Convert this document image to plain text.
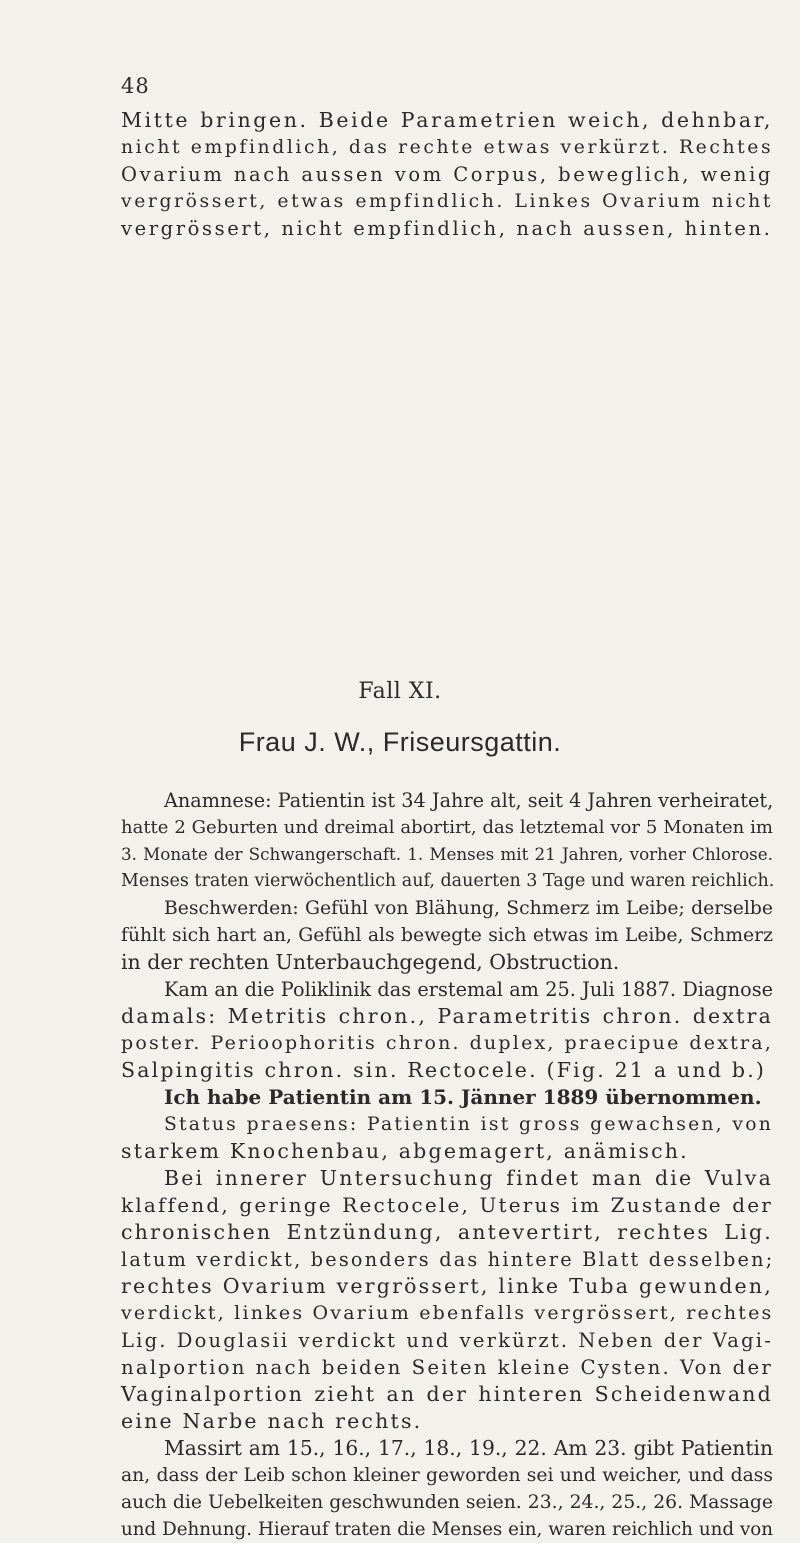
48
Mitte bringen. Beide Parametrien weich, dehnbar,
nicht empfindlich, das rechte etwas verkürzt. Rechtes
Ovarium nach aussen vom Corpus, beweglich, wenig
vergrössert, etwas empfindlich. Linkes Ovarium nicht
vergrössert, nicht empfindlich, nach aussen, hinten.
Fall XI.
Frau J. W., Friseursgattin.
Anamnese: Patientin ist 34 Jahre alt, seit 4 Jahren verheiratet,
hatte 2 Geburten und dreimal abortirt, das letztemal vor 5 Monaten im
3. Monate der Schwangerschaft. 1. Menses mit 21 Jahren, vorher Chlorose.
Menses traten vierwöchentlich auf, dauerten 3 Tage und waren reichlich.
Beschwerden: Gefühl von Blähung, Schmerz im Leibe; derselbe
fühlt sich hart an, Gefühl als bewegte sich etwas im Leibe, Schmerz
in der rechten Unterbauchgegend, Obstruction.
Kam an die Poliklinik das erstemal am 25. Juli 1887. Diagnose
damals: Metritis chron., Parametritis chron. dextra
poster. Perioophoritis chron. duplex, praecipue dextra,
Salpingitis chron. sin. Rectocele. (Fig. 21 a und b.)
Ich habe Patientin am 15. Jänner 1889 übernommen.
Status praesens: Patientin ist gross gewachsen, von
starkem Knochenbau, abgemagert, anämisch.
Bei innerer Untersuchung findet man die Vulva
klaffend, geringe Rectocele, Uterus im Zustande der
chronischen Entzündung, antevertirt, rechtes Lig.
latum verdickt, besonders das hintere Blatt desselben;
rechtes Ovarium vergrössert, linke Tuba gewunden,
verdickt, linkes Ovarium ebenfalls vergrössert, rechtes
Lig. Douglasii verdickt und verkürzt. Neben der Vagi-
nalportion nach beiden Seiten kleine Cysten. Von der
Vaginalportion zieht an der hinteren Scheidenwand
eine Narbe nach rechts.
Massirt am 15., 16., 17., 18., 19., 22. Am 23. gibt Patientin
an, dass der Leib schon kleiner geworden sei und weicher, und dass
auch die Uebelkeiten geschwunden seien. 23., 24., 25., 26. Massage
und Dehnung. Hierauf traten die Menses ein, waren reichlich und von
